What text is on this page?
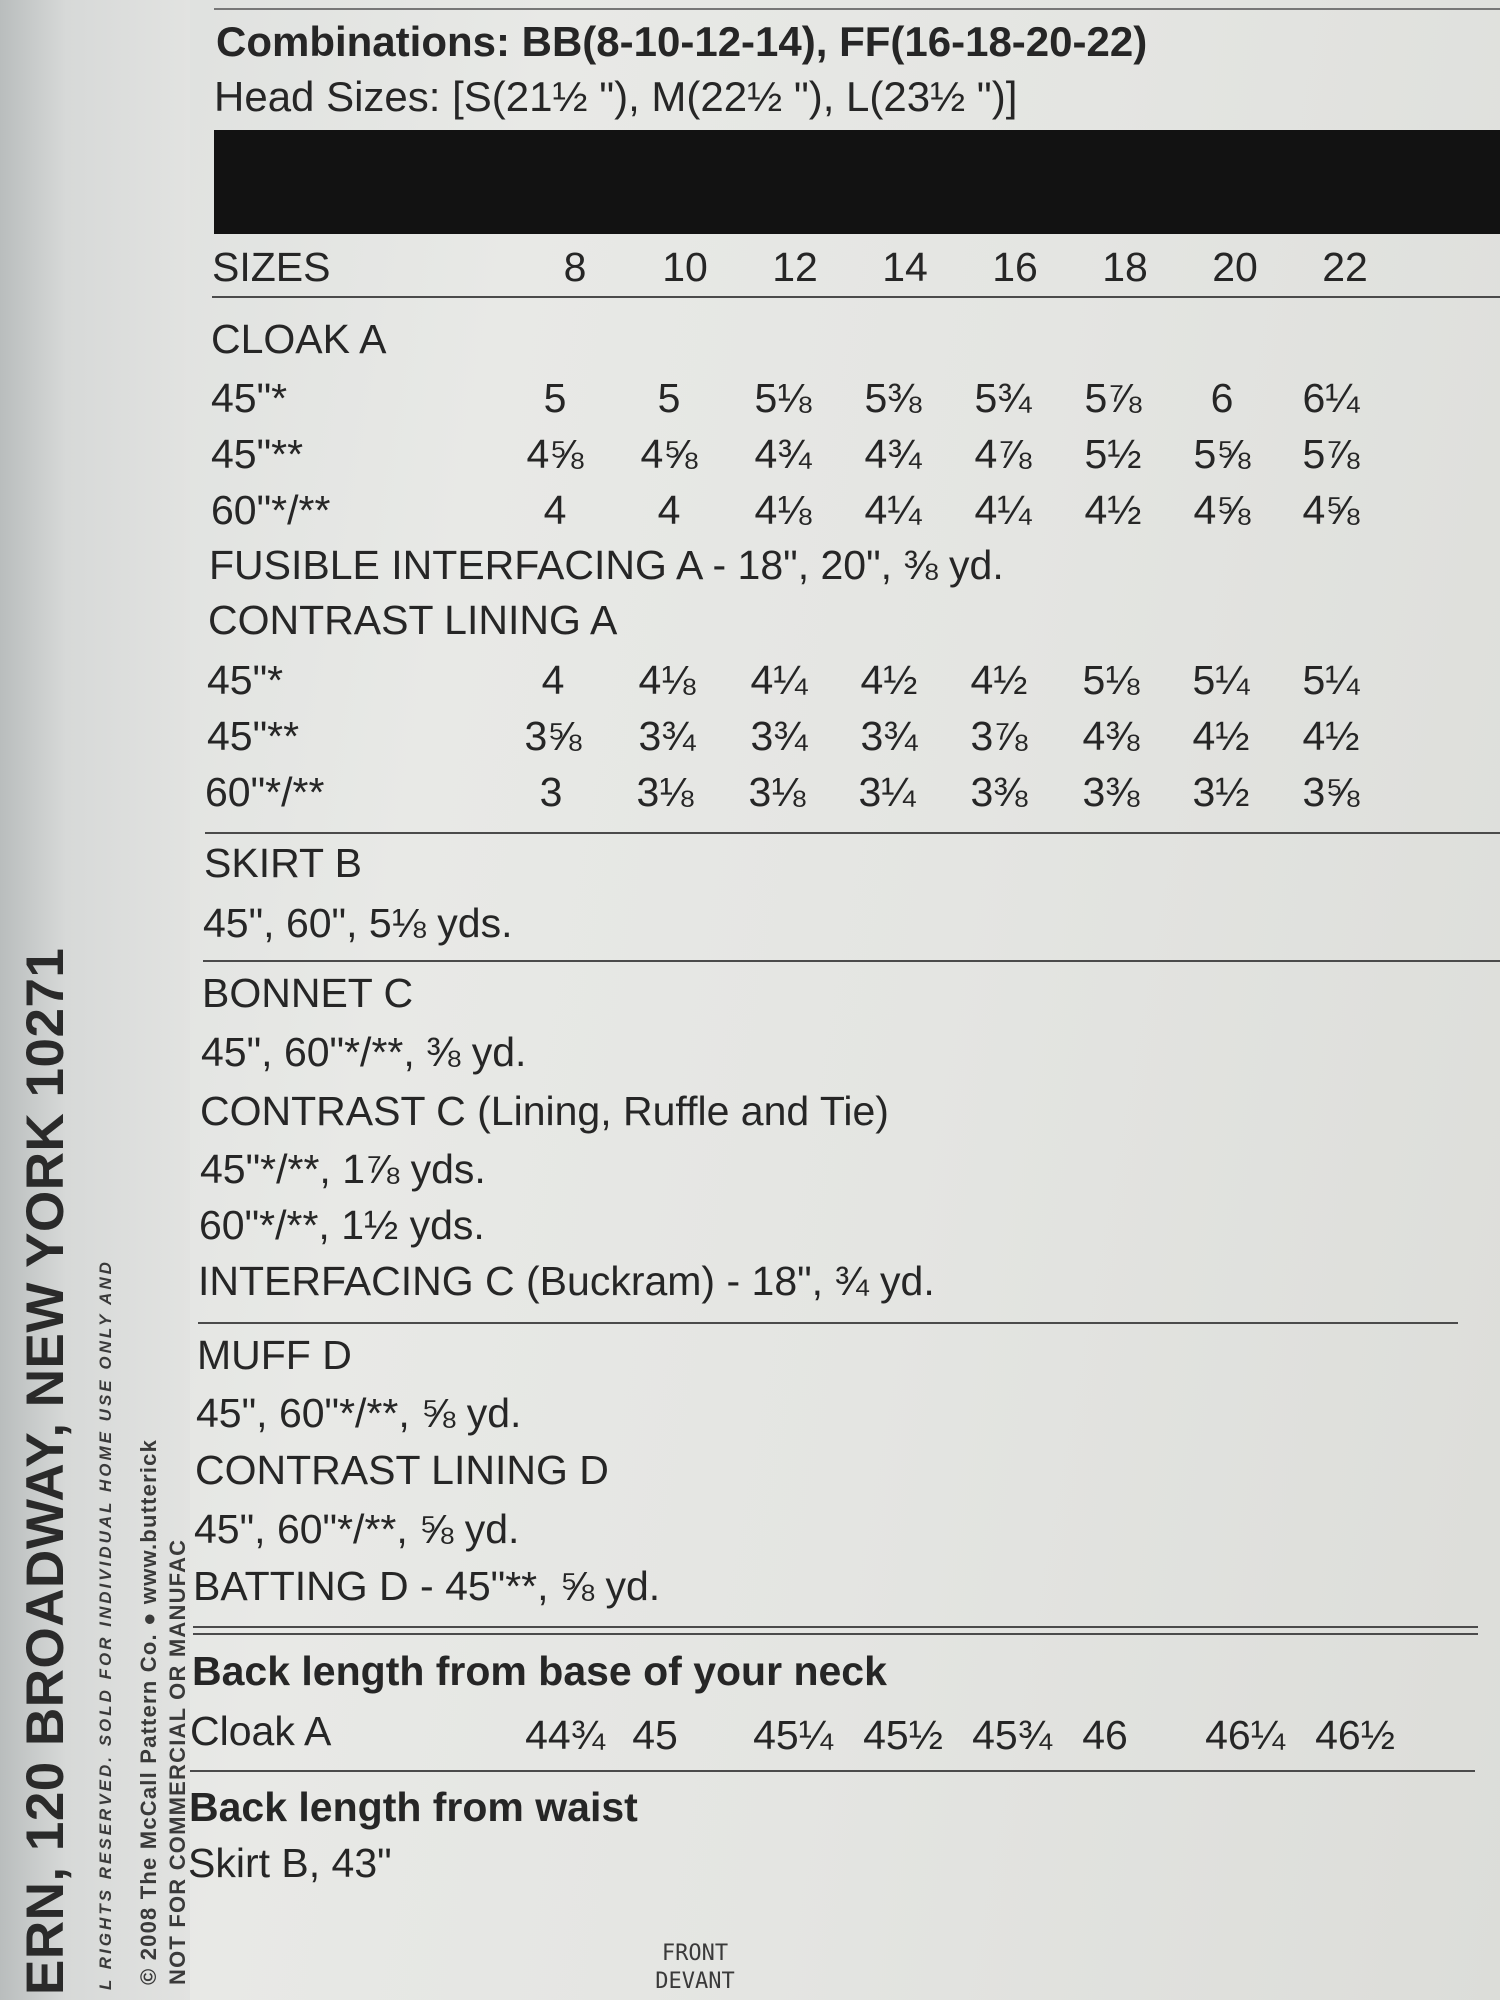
ERN, 120 BROADWAY, NEW YORK 10271 L RIGHTS RESERVED. SOLD FOR INDIVIDUAL HOME USE ONLY AND © 2008 The McCall Pattern Co. ● www.butterick NOT FOR COMMERCIAL OR MANUFAC
Combinations: BB(8-10-12-14), FF(16-18-20-22)
Head Sizes: [S(21½ "), M(22½ "), L(23½ ")]
SIZES	8	10	12	14	16	18	20	22
CLOAK A
45"*	5	5	5⅛	5⅜	5¾	5⅞	6	6¼
45"**	4⅝	4⅝	4¾	4¾	4⅞	5½	5⅝	5⅞
60"*/**	4	4	4⅛	4¼	4¼	4½	4⅝	4⅝
FUSIBLE INTERFACING A - 18", 20", ⅜ yd.
CONTRAST LINING A
45"*	4	4⅛	4¼	4½	4½	5⅛	5¼	5¼
45"**	3⅝	3¾	3¾	3¾	3⅞	4⅜	4½	4½
60"*/**	3	3⅛	3⅛	3¼	3⅜	3⅜	3½	3⅝
SKIRT B
45", 60", 5⅛ yds.
BONNET C
45", 60"*/**, ⅜ yd.
CONTRAST C (Lining, Ruffle and Tie)
45"*/**, 1⅞ yds.
60"*/**, 1½ yds.
INTERFACING C (Buckram) - 18", ¾ yd.
MUFF D
45", 60"*/**, ⅝ yd.
CONTRAST LINING D
45", 60"*/**, ⅝ yd.
BATTING D - 45"**, ⅝ yd.
Back length from base of your neck
Cloak A	44¾ 45	45¼ 45½ 45¾ 46	46¼ 46½
Back length from waist
Skirt B, 43"
FRONT
DEVANT
